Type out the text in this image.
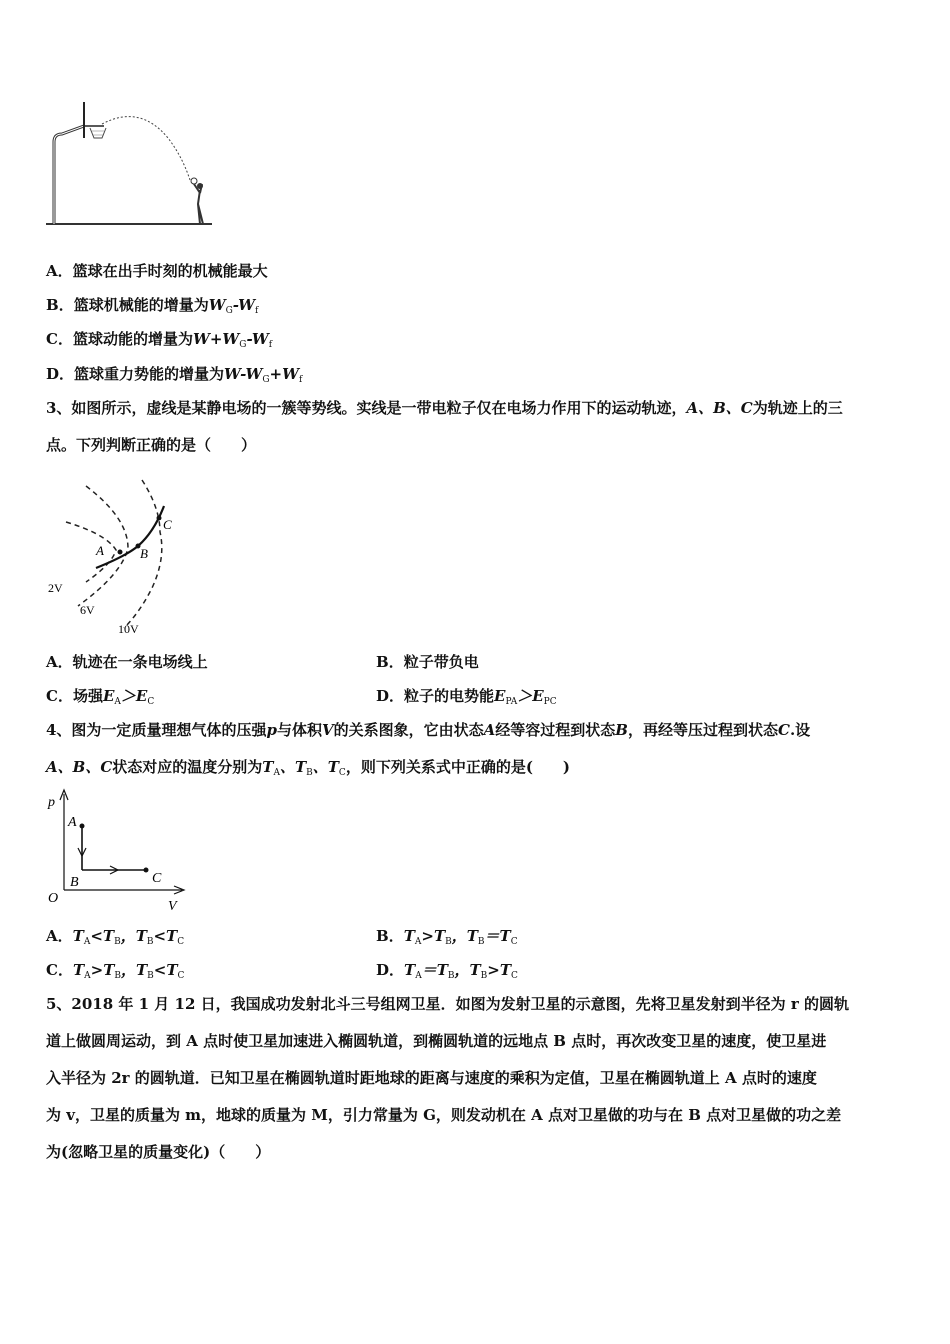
A．篮球在出手时刻的机械能最大
B．篮球机械能的增量为$W_G-W_f$
C．篮球动能的增量为$W+W_G-W_f$
D．篮球重力势能的增量为$W-W_G+W_f$
3、如图所示，虚线是某静电场的一簇等势线。实线是一带电粒子仅在电场力作用下的运动轨迹，A、B、C为轨迹上的三
点。下列判断正确的是（　　）
A	B
C
2V
6V
10V
A．轨迹在一条电场线上	B．粒子带负电
C．场强$E_A>E_C$	D．粒子的电势能$E_{PA}>E_{PC}$
4、图为一定质量理想气体的压强p与体积V的关系图象，它由状态A经等容过程到状态B，再经等压过程到状态C.设
A、B、C状态对应的温度分别为$T_A$、$T_B$、$T_C$，则下列关系式中正确的是(　　)
p
V
O
A
B	C
A．$T_A<T_B$，$T_B<T_C$	B．$T_A>T_B$，$T_B=T_C$
C．$T_A>T_B$，$T_B<T_C$	D．$T_A=T_B$，$T_B>T_C$
5、2018 年 1 月 12 日，我国成功发射北斗三号组网卫星．如图为发射卫星的示意图，先将卫星发射到半径为 r 的圆轨
道上做圆周运动，到 A 点时使卫星加速进入椭圆轨道，到椭圆轨道的远地点 B 点时，再次改变卫星的速度，使卫星进
入半径为 2r 的圆轨道．已知卫星在椭圆轨道时距地球的距离与速度的乘积为定值，卫星在椭圆轨道上 A 点时的速度
为 v，卫星的质量为 m，地球的质量为 M，引力常量为 G，则发动机在 A 点对卫星做的功与在 B 点对卫星做的功之差
为(忽略卫星的质量变化)（　　）
